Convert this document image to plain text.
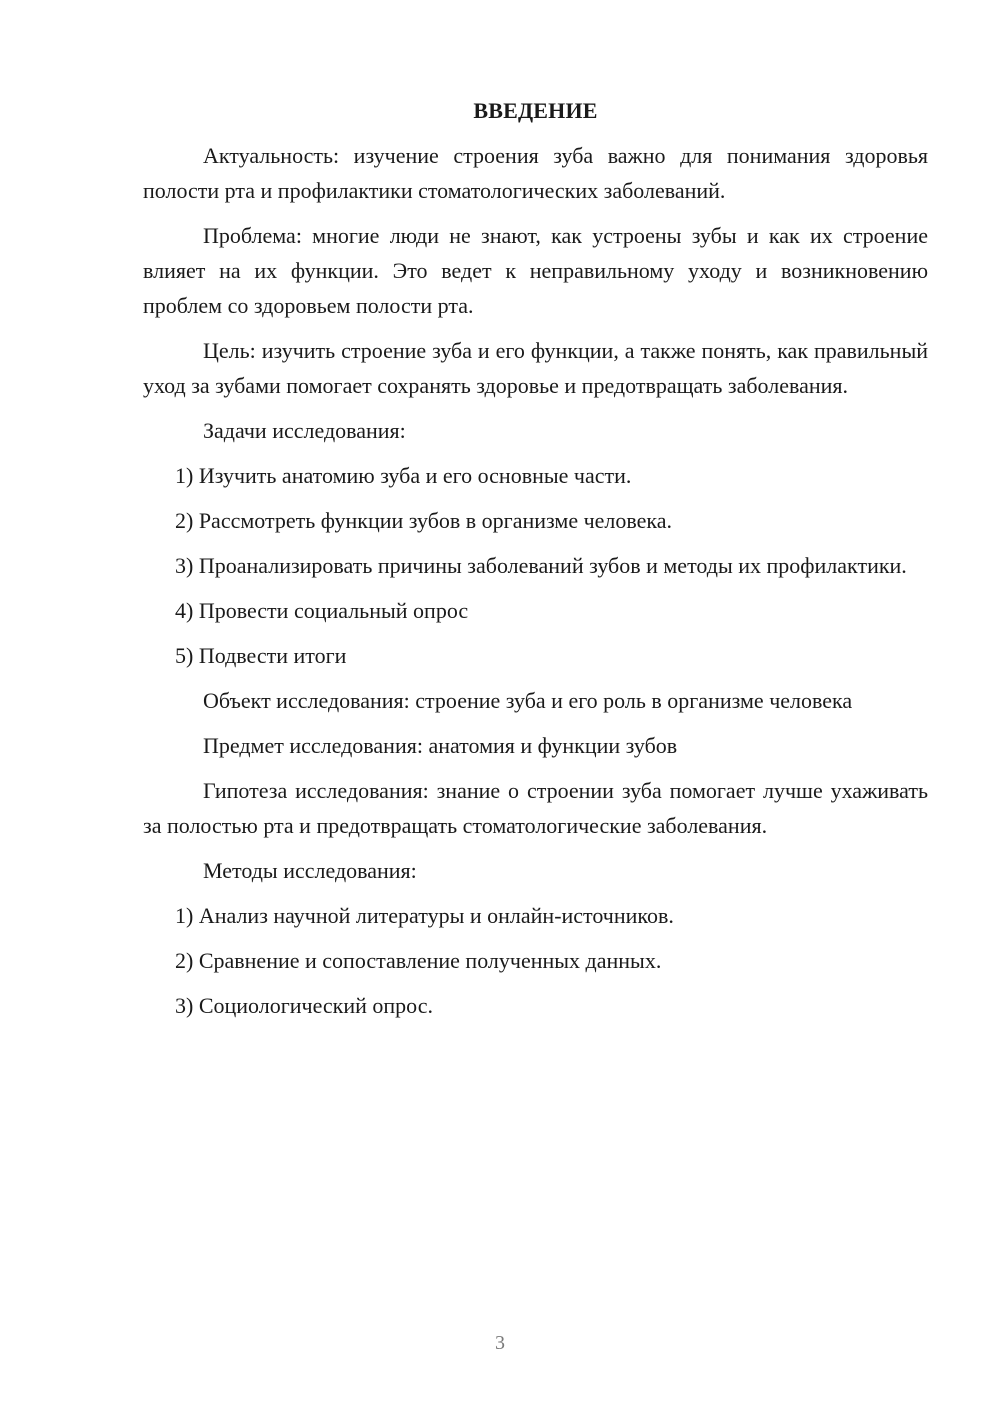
ВВЕДЕНИЕ

Актуальность: изучение строения зуба важно для понимания здоровья полости рта и профилактики стоматологических заболеваний.

Проблема: многие люди не знают, как устроены зубы и как их строение влияет на их функции. Это ведет к неправильному уходу и возникновению проблем со здоровьем полости рта.

Цель: изучить строение зуба и его функции, а также понять, как правильный уход за зубами помогает сохранять здоровье и предотвращать заболевания.

Задачи исследования:

1) Изучить анатомию зуба и его основные части.

2) Рассмотреть функции зубов в организме человека.

3) Проанализировать причины заболеваний зубов и методы их профилактики.

4) Провести социальный опрос

5) Подвести итоги

Объект исследования: строение зуба и его роль в организме человека

Предмет исследования: анатомия и функции зубов

Гипотеза исследования: знание о строении зуба помогает лучше ухаживать за полостью рта и предотвращать стоматологические заболевания.

Методы исследования:

1) Анализ научной литературы и онлайн-источников.

2) Сравнение и сопоставление полученных данных.

3) Социологический опрос.

3
